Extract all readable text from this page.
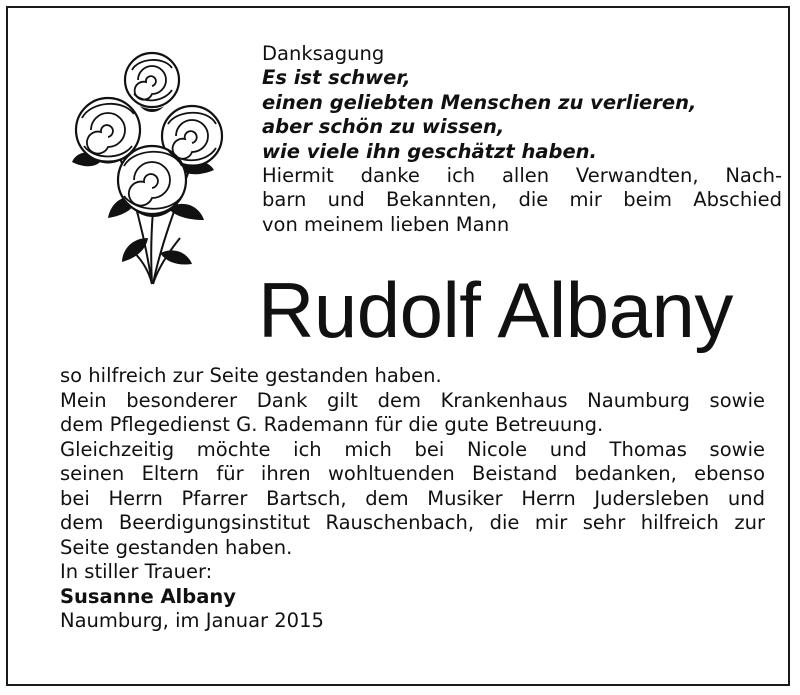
Danksagung
Es ist schwer,
einen geliebten Menschen zu verlieren,
aber schön zu wissen,
wie viele ihn geschätzt haben.
Hiermit danke ich allen Verwandten, Nach-
barn und Bekannten, die mir beim Abschied
von meinem lieben Mann
Rudolf Albany
so hilfreich zur Seite gestanden haben.
Mein besonderer Dank gilt dem Krankenhaus Naumburg sowie
dem Pflegedienst G. Rademann für die gute Betreuung.
Gleichzeitig möchte ich mich bei Nicole und Thomas sowie
seinen Eltern für ihren wohltuenden Beistand bedanken, ebenso
bei Herrn Pfarrer Bartsch, dem Musiker Herrn Judersleben und
dem Beerdigungsinstitut Rauschenbach, die mir sehr hilfreich zur
Seite gestanden haben.
In stiller Trauer:
Susanne Albany
Naumburg, im Januar 2015
